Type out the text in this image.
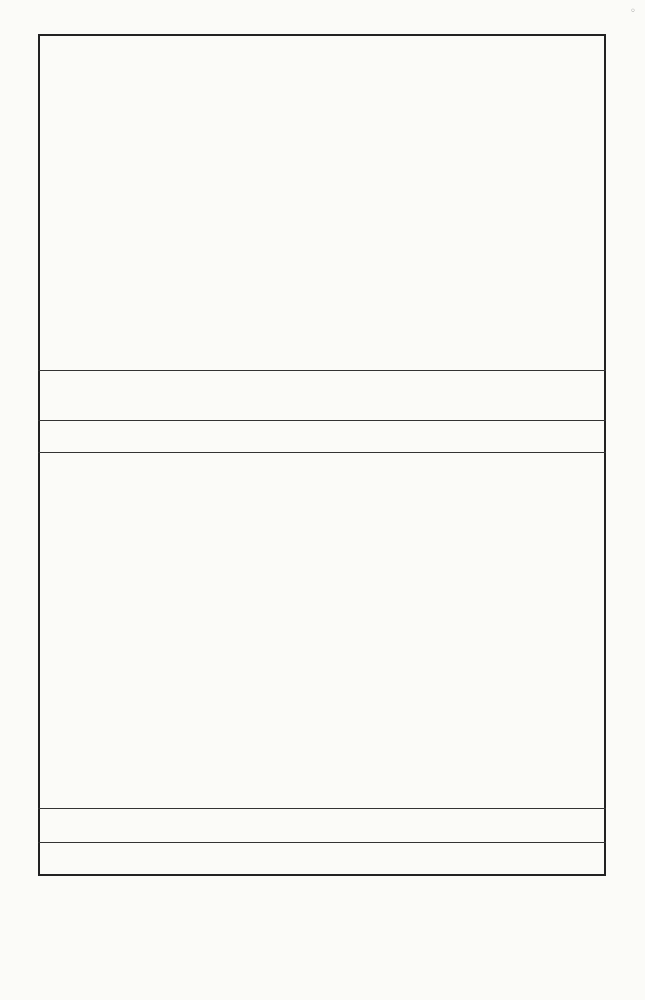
◦
